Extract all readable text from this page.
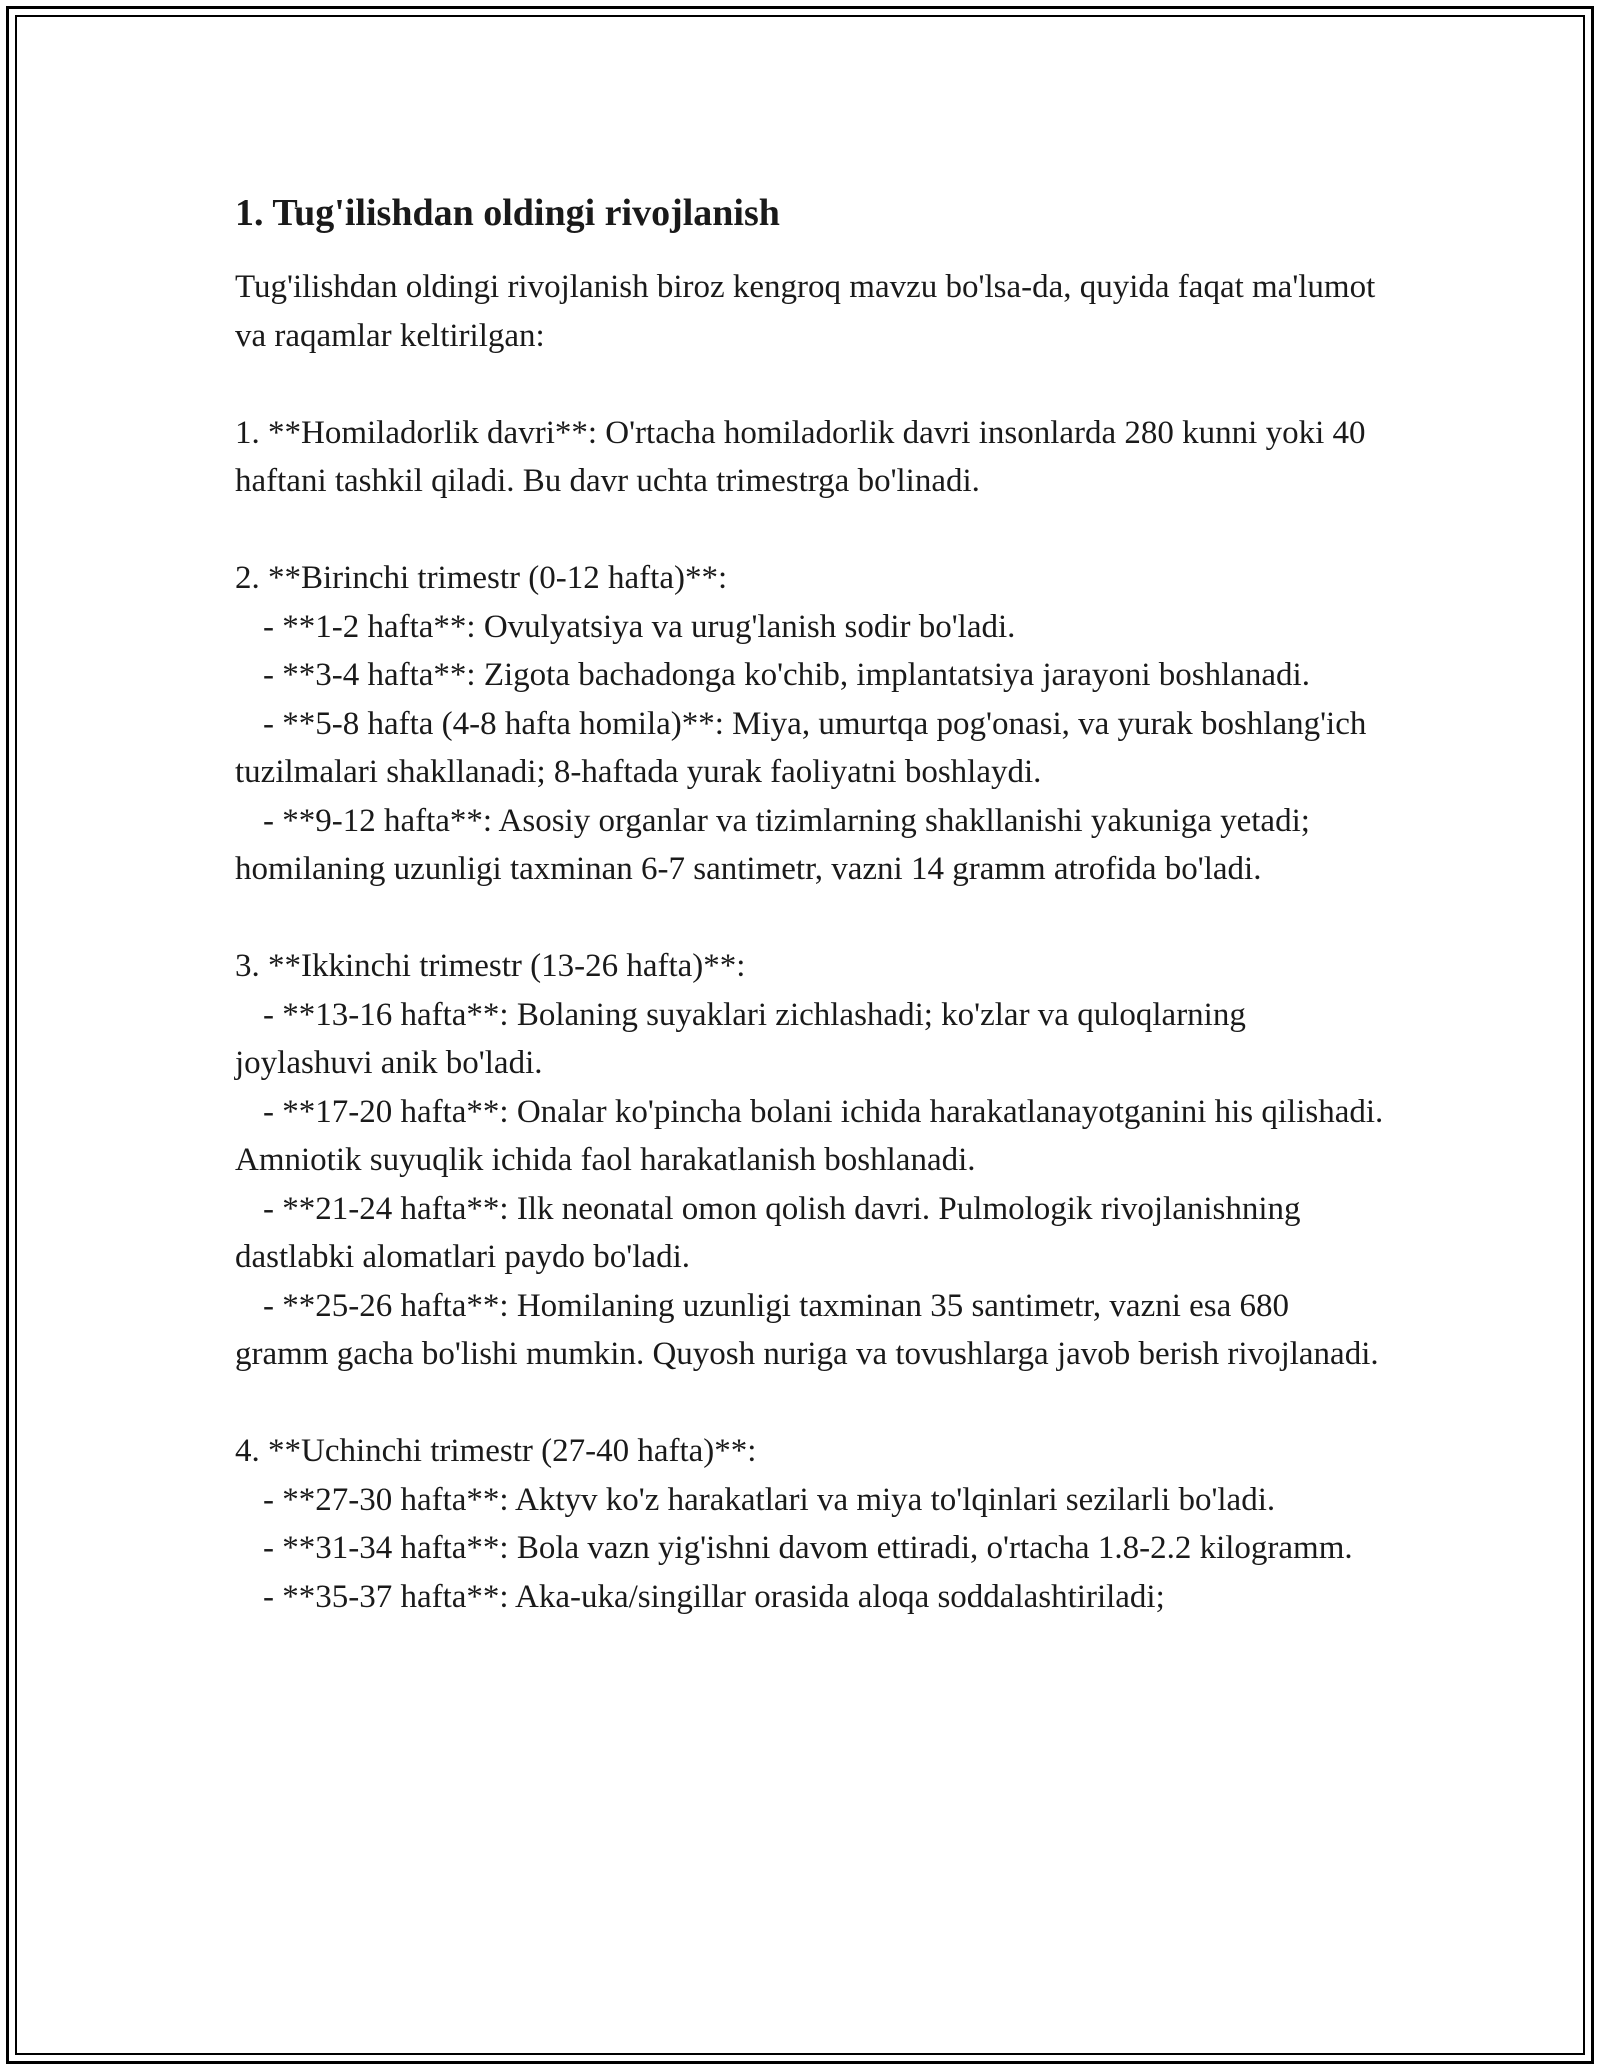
1. Tug'ilishdan oldingi rivojlanish

Tug'ilishdan oldingi rivojlanish biroz kengroq mavzu bo'lsa-da, quyida faqat ma'lumot va raqamlar keltirilgan:

1. **Homiladorlik davri**: O'rtacha homiladorlik davri insonlarda 280 kunni yoki 40 haftani tashkil qiladi. Bu davr uchta trimestrga bo'linadi.

2. **Birinchi trimestr (0-12 hafta)**:

- **1-2 hafta**: Ovulyatsiya va urug'lanish sodir bo'ladi.

- **3-4 hafta**: Zigota bachadonga ko'chib, implantatsiya jarayoni boshlanadi.

- **5-8 hafta (4-8 hafta homila)**: Miya, umurtqa pog'onasi, va yurak boshlang'ich tuzilmalari shakllanadi; 8-haftada yurak faoliyatni boshlaydi.

- **9-12 hafta**: Asosiy organlar va tizimlarning shakllanishi yakuniga yetadi; homilaning uzunligi taxminan 6-7 santimetr, vazni 14 gramm atrofida bo'ladi.

3. **Ikkinchi trimestr (13-26 hafta)**:

- **13-16 hafta**: Bolaning suyaklari zichlashadi; ko'zlar va quloqlarning joylashuvi anik bo'ladi.

- **17-20 hafta**: Onalar ko'pincha bolani ichida harakatlanayotganini his qilishadi. Amniotik suyuqlik ichida faol harakatlanish boshlanadi.

- **21-24 hafta**: Ilk neonatal omon qolish davri. Pulmologik rivojlanishning dastlabki alomatlari paydo bo'ladi.

- **25-26 hafta**: Homilaning uzunligi taxminan 35 santimetr, vazni esa 680 gramm gacha bo'lishi mumkin. Quyosh nuriga va tovushlarga javob berish rivojlanadi.

4. **Uchinchi trimestr (27-40 hafta)**:

- **27-30 hafta**: Aktyv ko'z harakatlari va miya to'lqinlari sezilarli bo'ladi.

- **31-34 hafta**: Bola vazn yig'ishni davom ettiradi, o'rtacha 1.8-2.2 kilogramm.

- **35-37 hafta**: Aka-uka/singillar orasida aloqa soddalashtiriladi;
